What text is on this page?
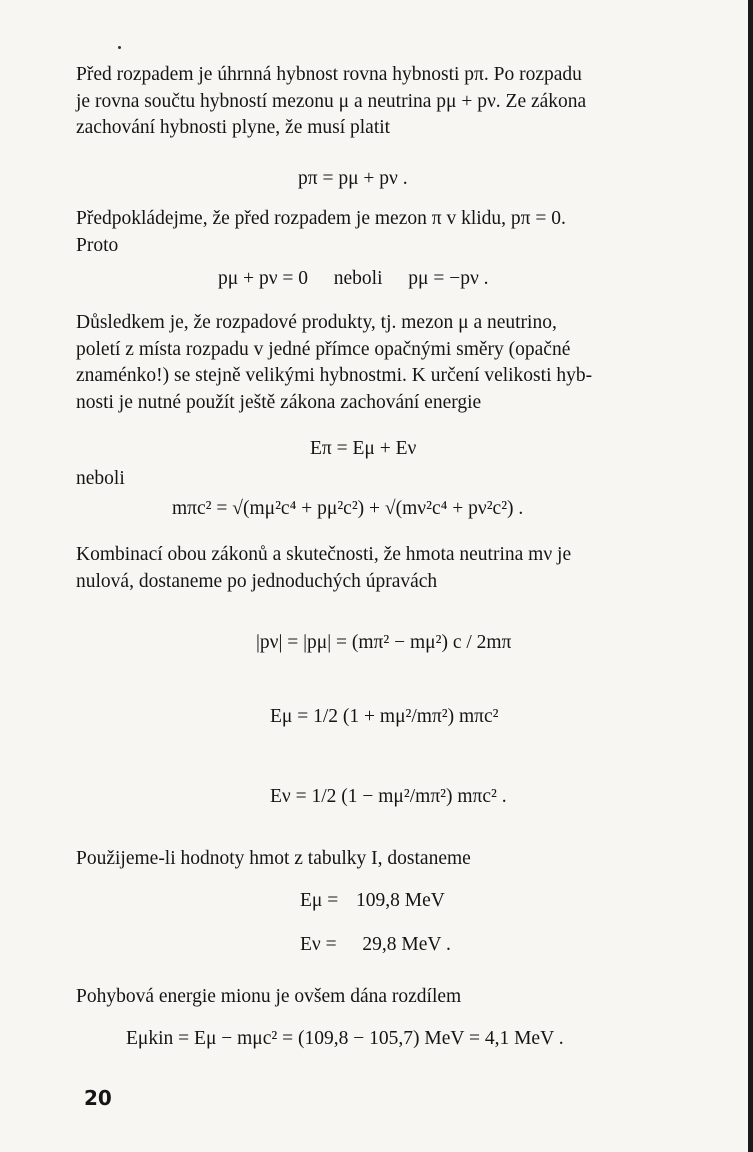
Před rozpadem je úhrnná hybnost rovna hybnosti pπ. Po rozpadu
je rovna součtu hybností mezonu μ a neutrina pμ + pν. Ze zákona
zachování hybnosti plyne, že musí platit
pπ = pμ + pν .
Předpokládejme, že před rozpadem je mezon π v klidu, pπ = 0.
Proto
pμ + pν = 0 neboli pμ = −pν .
Důsledkem je, že rozpadové produkty, tj. mezon μ a neutrino,
poletí z místa rozpadu v jedné přímce opačnými směry (opačné
znaménko!) se stejně velikými hybnostmi. K určení velikosti hyb-
nosti je nutné použít ještě zákona zachování energie
Eπ = Eμ + Eν
neboli
mπc² = √(mμ²c⁴ + pμ²c²) + √(mν²c⁴ + pν²c²) .
Kombinací obou zákonů a skutečnosti, že hmota neutrina mν je
nulová, dostaneme po jednoduchých úpravách
|pν| = |pμ| = (mπ² − mμ²) c / 2mπ
Eμ = 1/2 (1 + mμ²/mπ²) mπc²
Eν = 1/2 (1 − mμ²/mπ²) mπc² .
Použijeme-li hodnoty hmot z tabulky I, dostaneme
Eμ = 109,8 MeV
Eν = 29,8 MeV .
Pohybová energie mionu je ovšem dána rozdílem
Eμkin = Eμ − mμc² = (109,8 − 105,7) MeV = 4,1 MeV .
20
